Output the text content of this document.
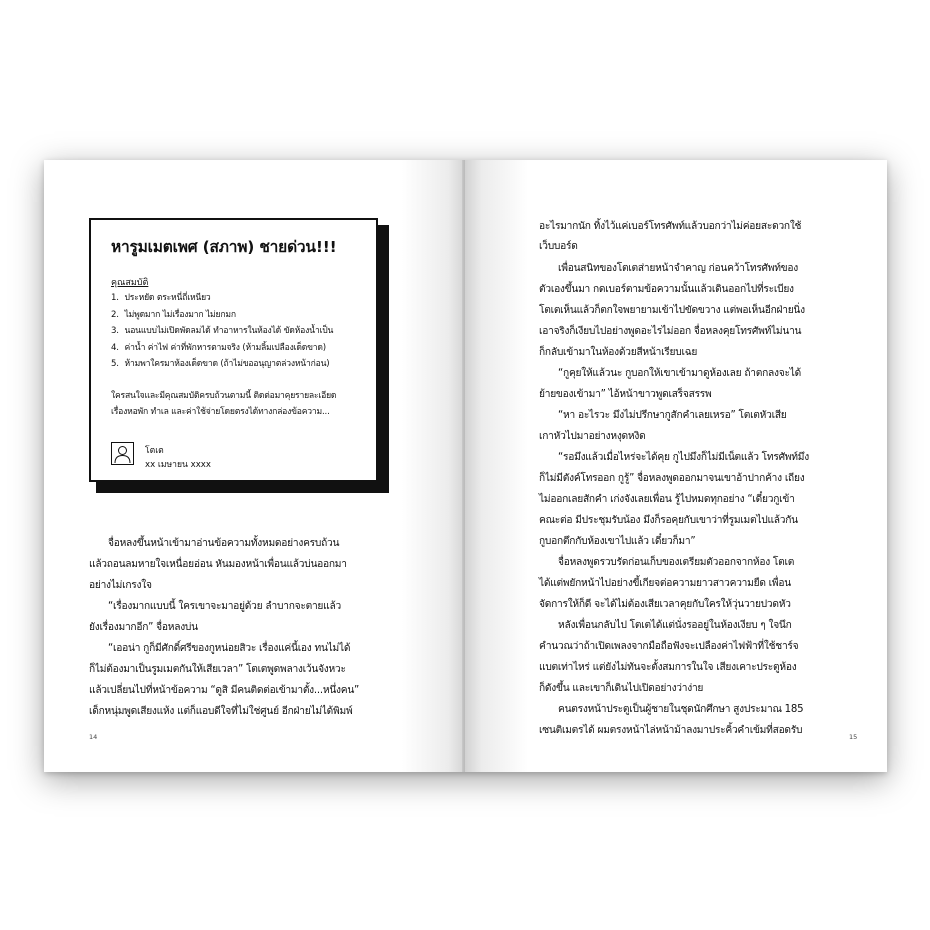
หารูมเมตเพศ (สภาพ) ชายด่วน!!!
คุณสมบัติ
1. ประหยัด ตระหนี่ถี่เหนียว
2. ไม่พูดมาก ไม่เรื่องมาก ไม่ยกมก
3. นอนแบบไม่เปิดพัดลมได้ ทำอาหารในห้องได้ ขัดห้องน้ำเป็น
4. ค่าน้ำ ค่าไฟ ค่าที่พักหารตามจริง (ห้ามลิ้มเปลืองเด็ดขาด)
5. ห้ามพาใครมาห้องเด็ดขาด (ถ้าไม่ขออนุญาตล่วงหน้าก่อน)
ใครสนใจและมีคุณสมบัติครบถ้วนตามนี้ ติดต่อมาคุยรายละเอียด
เรื่องหอพัก ทำเล และค่าใช้จ่ายโดยตรงได้ทางกล่องข้อความ...
โตเต
xx เมษายน xxxx
จื่อหลงขึ้นหน้าเข้ามาอ่านข้อความทั้งหมดอย่างครบถ้วน
แล้วถอนลมหายใจเหนื่อยอ่อน หันมองหน้าเพื่อนแล้วบ่นออกมา
อย่างไม่เกรงใจ
“เรื่องมากแบบนี้ ใครเขาจะมาอยู่ด้วย ลำบากจะตายแล้ว
ยังเรื่องมากอีก” จื่อหลงบ่น
“เออน่า กูก็มีศักดิ์ศรีของกูหน่อยสิวะ เรื่องแค่นี้เอง ทนไม่ได้
ก็ไม่ต้องมาเป็นรูมเมตกันให้เสียเวลา” โตเตพูดพลางเว้นจังหวะ
แล้วเปลี่ยนไปที่หน้าข้อความ “ดูสิ มีคนติดต่อเข้ามาตั้ง...หนึ่งคน”
เด็กหนุ่มพูดเสียงแห้ง แต่ก็แอบดีใจที่ไม่ใช่ศูนย์ อีกฝ่ายไม่ได้พิมพ์
14
อะไรมากนัก ทิ้งไว้แค่เบอร์โทรศัพท์แล้วบอกว่าไม่ค่อยสะดวกใช้
เว็บบอร์ด
เพื่อนสนิทของโตเตส่ายหน้าจำคาญ ก่อนคว้าโทรศัพท์ของ
ตัวเองขึ้นมา กดเบอร์ตามข้อความนั้นแล้วเดินออกไปที่ระเบียง
โตเตเห็นแล้วก็ตกใจพยายามเข้าไปขัดขวาง แต่พอเห็นอีกฝ่ายนิ่ง
เอาจริงก็เงียบไปอย่างพูดอะไรไม่ออก จื่อหลงคุยโทรศัพท์ไม่นาน
ก็กลับเข้ามาในห้องด้วยสีหน้าเรียบเฉย
“กูคุยให้แล้วนะ กูบอกให้เขาเข้ามาดูห้องเลย ถ้าตกลงจะได้
ย้ายของเข้ามา” ไอ้หน้าขาวพูดเสร็จสรรพ
“หา อะไรวะ มึงไม่ปรึกษากูสักคำเลยเหรอ” โตเตหัวเสีย
เกาหัวไปมาอย่างหงุดหงิด
“รอมึงแล้วเมื่อไหร่จะได้คุย กูไปมึงก็ไม่มีเน็ตแล้ว โทรศัพท์มึง
ก็ไม่มีตังค์โทรออก กูรู้” จื่อหลงพูดออกมาจนเขาอ้าปากค้าง เถียง
ไม่ออกเลยสักคำ เก่งจังเลยเพื่อน รู้ไปหมดทุกอย่าง “เดี๋ยวกูเข้า
คณะต่อ มีประชุมรับน้อง มึงก็รอคุยกับเขาว่าที่รูมเมตไปแล้วกัน
กูบอกตึกกับห้องเขาไปแล้ว เดี๋ยวก็มา”
จื่อหลงพูดรวบรัดก่อนเก็บของเตรียมตัวออกจากห้อง โตเต
ได้แต่พยักหน้าไปอย่างขี้เกียจต่อความยาวสาวความยืด เพื่อน
จัดการให้ก็ดี จะได้ไม่ต้องเสียเวลาคุยกับใครให้วุ่นวายปวดหัว
หลังเพื่อนกลับไป โตเตได้แต่นั่งรออยู่ในห้องเงียบ ๆ ใจนึก
คำนวณว่าถ้าเปิดเพลงจากมือถือฟังจะเปลืองค่าไฟฟ้าที่ใช้ชาร์จ
แบตเท่าไหร่ แต่ยังไม่ทันจะตั้งสมการในใจ เสียงเคาะประตูห้อง
ก็ดังขึ้น และเขาก็เดินไปเปิดอย่างว่าง่าย
คนตรงหน้าประตูเป็นผู้ชายในชุดนักศึกษา สูงประมาณ 185
เซนติเมตรได้ ผมตรงหน้าไล่หน้าม้าลงมาประคิ้วคำเข้มที่สอดรับ
15
